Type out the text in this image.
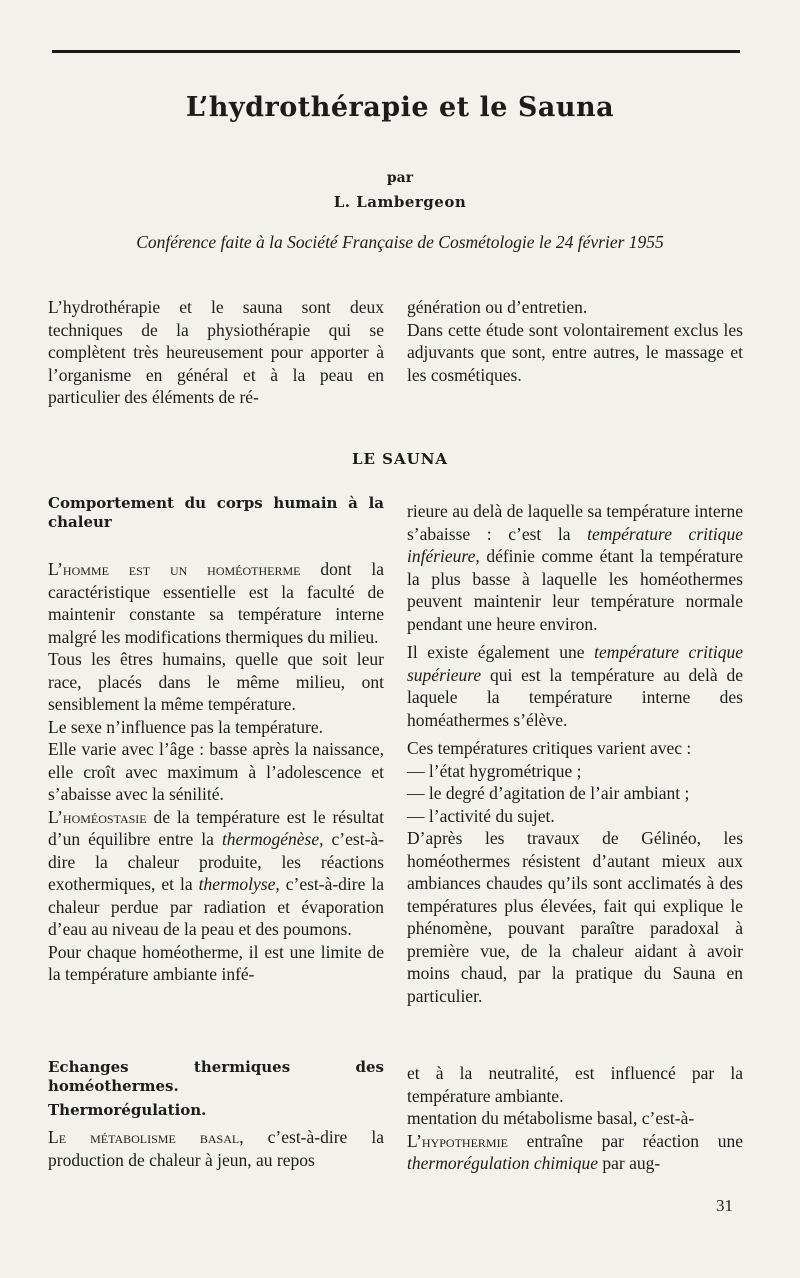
L’hydrothérapie et le Sauna
par
L. Lambergeon
Conférence faite à la Société Française de Cosmétologie le 24 février 1955

L’hydrothérapie et le sauna sont deux techniques de la physiothérapie qui se complètent très heureusement pour apporter à l’organisme en général et à la peau en particulier des éléments de ré-

génération ou d’entretien.

Dans cette étude sont volontairement exclus les adjuvants que sont, entre autres, le massage et les cosmétiques.

LE SAUNA

Comportement du corps humain à la chaleur

L’homme est un homéotherme dont la caractéristique essentielle est la faculté de maintenir constante sa température interne malgré les modifications thermiques du milieu.

Tous les êtres humains, quelle que soit leur race, placés dans le même milieu, ont sensiblement la même température.

Le sexe n’influence pas la température.

Elle varie avec l’âge : basse après la naissance, elle croît avec maximum à l’adolescence et s’abaisse avec la sénilité.

L’homéostasie de la température est le résultat d’un équilibre entre la thermogénèse, c’est-à-dire la chaleur produite, les réactions exothermiques, et la thermolyse, c’est-à-dire la chaleur perdue par radiation et évaporation d’eau au niveau de la peau et des poumons.

Pour chaque homéotherme, il est une limite de la température ambiante infé-

rieure au delà de laquelle sa température interne s’abaisse : c’est la température critique inférieure, définie comme étant la température la plus basse à laquelle les homéothermes peuvent maintenir leur température normale pendant une heure environ.

Il existe également une température critique supérieure qui est la température au delà de laquele la température interne des homéathermes s’élève.

Ces températures critiques varient avec :

— l’état hygrométrique ;

— le degré d’agitation de l’air ambiant ;

— l’activité du sujet.

D’après les travaux de Gélinéo, les homéothermes résistent d’autant mieux aux ambiances chaudes qu’ils sont acclimatés à des températures plus élevées, fait qui explique le phénomène, pouvant paraître paradoxal à première vue, de la chaleur aidant à avoir moins chaud, par la pratique du Sauna en particulier.

Echanges thermiques des homéothermes.

Thermorégulation.

Le métabolisme basal, c’est-à-dire la production de chaleur à jeun, au repos

et à la neutralité, est influencé par la température ambiante.

mentation du métabolisme basal, c’est-à-

L’hypothermie entraîne par réaction une thermorégulation chimique par aug-

31
